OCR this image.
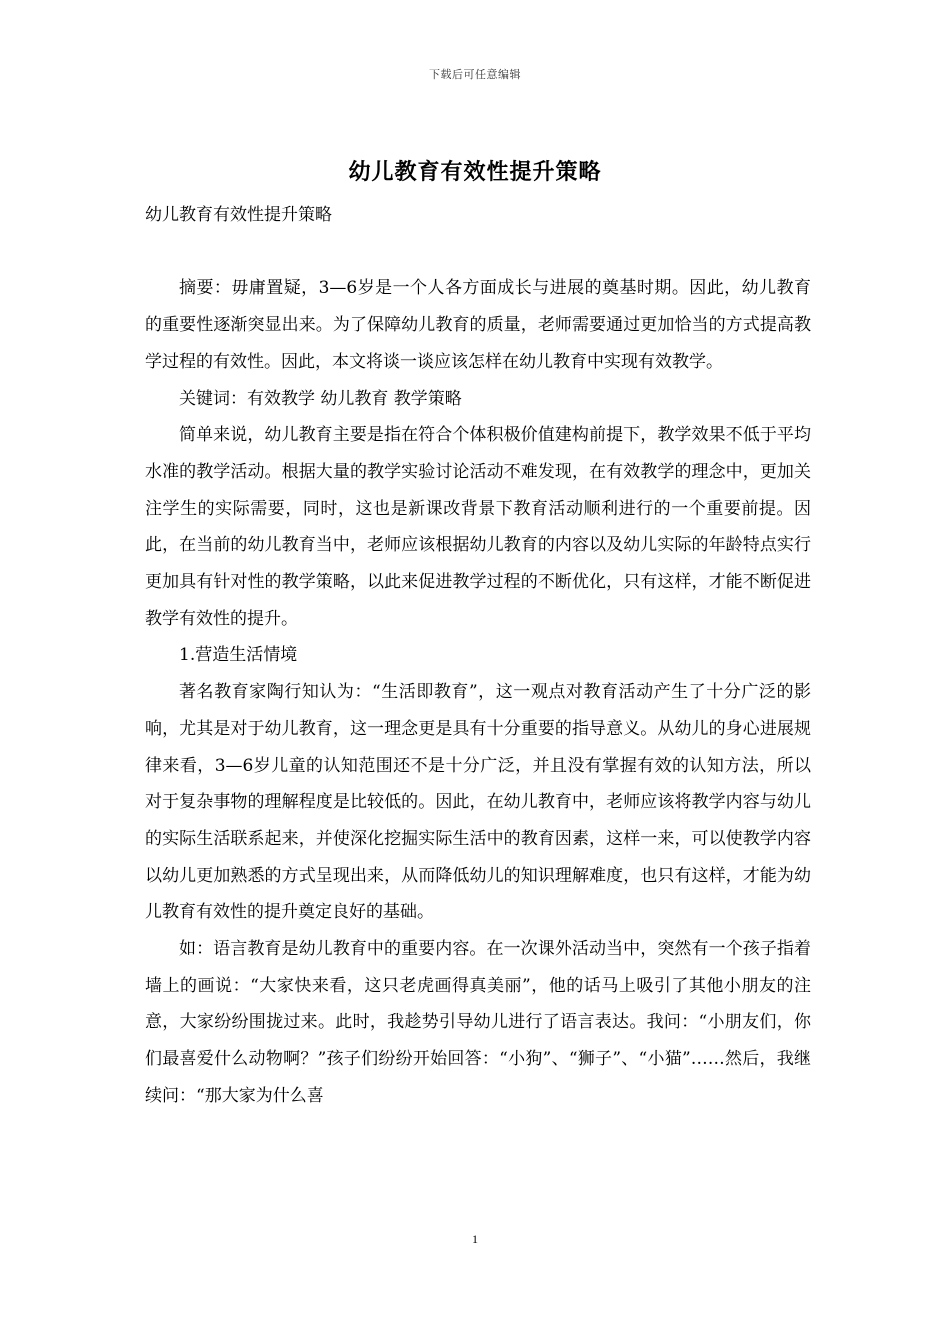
下载后可任意编辑
幼儿教育有效性提升策略

幼儿教育有效性提升策略

摘要：毋庸置疑，3—6岁是一个人各方面成长与进展的奠基时期。因此，幼儿教育的重要性逐渐突显出来。为了保障幼儿教育的质量，老师需要通过更加恰当的方式提高教学过程的有效性。因此，本文将谈一谈应该怎样在幼儿教育中实现有效教学。

关键词：有效教学 幼儿教育 教学策略

简单来说，幼儿教育主要是指在符合个体积极价值建构前提下，教学效果不低于平均水准的教学活动。根据大量的教学实验讨论活动不难发现，在有效教学的理念中，更加关注学生的实际需要，同时，这也是新课改背景下教育活动顺利进行的一个重要前提。因此，在当前的幼儿教育当中，老师应该根据幼儿教育的内容以及幼儿实际的年龄特点实行更加具有针对性的教学策略，以此来促进教学过程的不断优化，只有这样，才能不断促进教学有效性的提升。

1.营造生活情境

著名教育家陶行知认为：“生活即教育”，这一观点对教育活动产生了十分广泛的影响，尤其是对于幼儿教育，这一理念更是具有十分重要的指导意义。从幼儿的身心进展规律来看，3—6岁儿童的认知范围还不是十分广泛，并且没有掌握有效的认知方法，所以对于复杂事物的理解程度是比较低的。因此，在幼儿教育中，老师应该将教学内容与幼儿的实际生活联系起来，并使深化挖掘实际生活中的教育因素，这样一来，可以使教学内容以幼儿更加熟悉的方式呈现出来，从而降低幼儿的知识理解难度，也只有这样，才能为幼儿教育有效性的提升奠定良好的基础。

如：语言教育是幼儿教育中的重要内容。在一次课外活动当中，突然有一个孩子指着墙上的画说：“大家快来看，这只老虎画得真美丽”，他的话马上吸引了其他小朋友的注意，大家纷纷围拢过来。此时，我趁势引导幼儿进行了语言表达。我问：“小朋友们，你们最喜爱什么动物啊？”孩子们纷纷开始回答：“小狗”、“狮子”、“小猫”……然后，我继续问：“那大家为什么喜

1
